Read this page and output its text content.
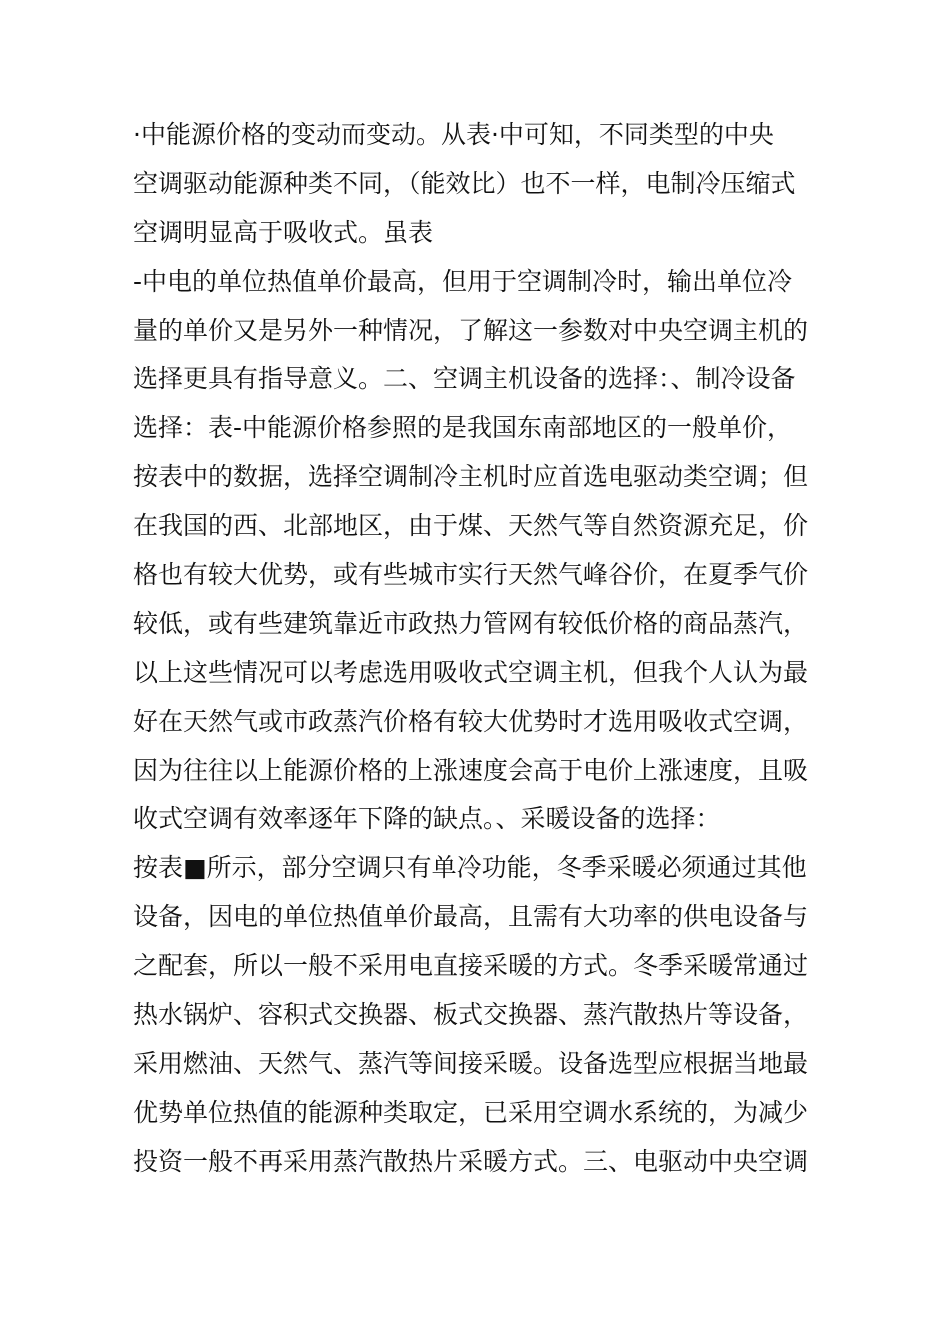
·中能源价格的变动而变动。从表·中可知，不同类型的中央
空调驱动能源种类不同，（能效比）也不一样，电制冷压缩式
空调明显高于吸收式。虽表
-中电的单位热值单价最高，但用于空调制冷时，输出单位冷
量的单价又是另外一种情况，了解这一参数对中央空调主机的
选择更具有指导意义。二、空调主机设备的选择：、制冷设备
选择：表-中能源价格参照的是我国东南部地区的一般单价，
按表中的数据，选择空调制冷主机时应首选电驱动类空调；但
在我国的西、北部地区，由于煤、天然气等自然资源充足，价
格也有较大优势，或有些城市实行天然气峰谷价，在夏季气价
较低，或有些建筑靠近市政热力管网有较低价格的商品蒸汽，
以上这些情况可以考虑选用吸收式空调主机，但我个人认为最
好在天然气或市政蒸汽价格有较大优势时才选用吸收式空调，
因为往往以上能源价格的上涨速度会高于电价上涨速度，且吸
收式空调有效率逐年下降的缺点。、采暖设备的选择：
按表■所示，部分空调只有单冷功能，冬季采暖必须通过其他
设备，因电的单位热值单价最高，且需有大功率的供电设备与
之配套，所以一般不采用电直接采暖的方式。冬季采暖常通过
热水锅炉、容积式交换器、板式交换器、蒸汽散热片等设备，
采用燃油、天然气、蒸汽等间接采暖。设备选型应根据当地最
优势单位热值的能源种类取定，已采用空调水系统的，为减少
投资一般不再采用蒸汽散热片采暖方式。三、电驱动中央空调
